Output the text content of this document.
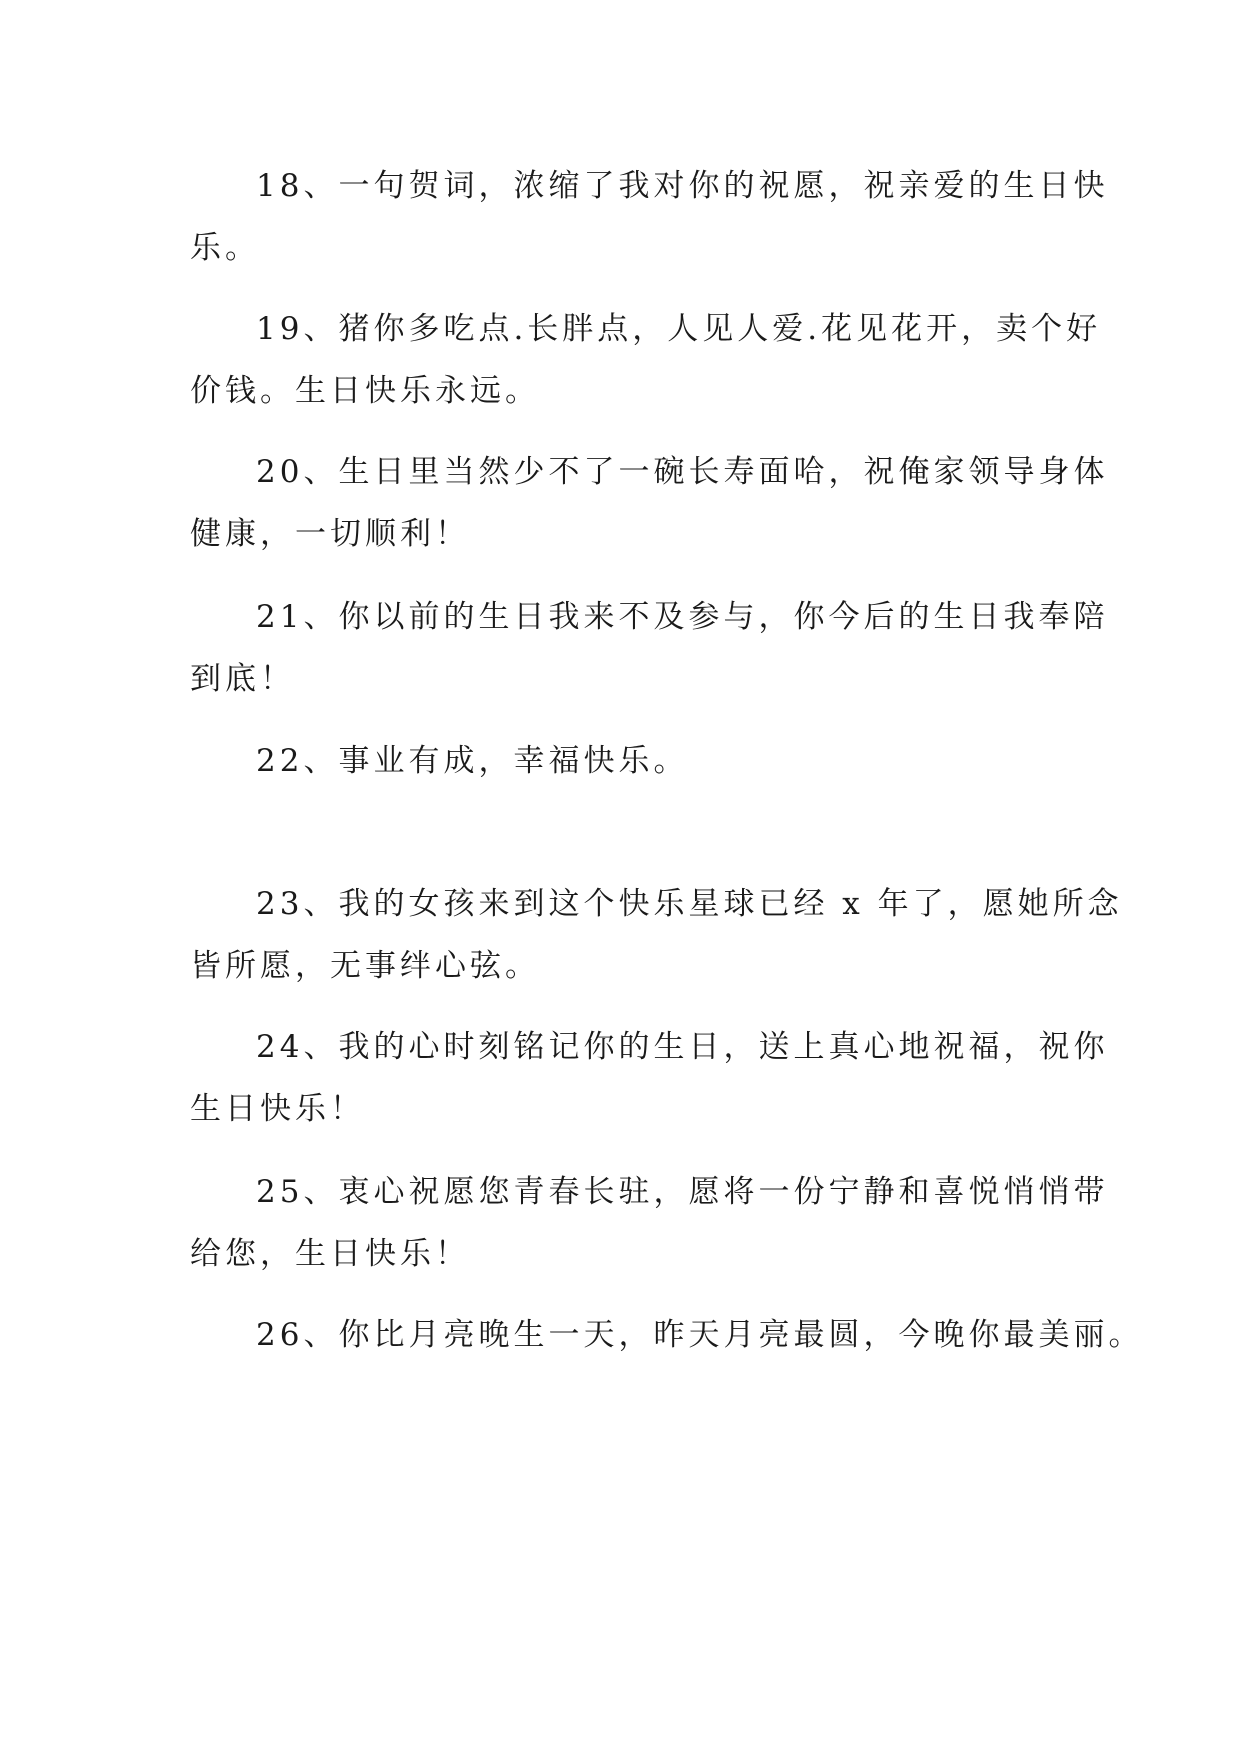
18、一句贺词，浓缩了我对你的祝愿，祝亲爱的生日快
乐。

19、猪你多吃点.长胖点，人见人爱.花见花开，卖个好
价钱。生日快乐永远。

20、生日里当然少不了一碗长寿面哈，祝俺家领导身体
健康，一切顺利！

21、你以前的生日我来不及参与，你今后的生日我奉陪
到底！

22、事业有成，幸福快乐。

23、我的女孩来到这个快乐星球已经 x 年了，愿她所念
皆所愿，无事绊心弦。

24、我的心时刻铭记你的生日，送上真心地祝福，祝你
生日快乐！

25、衷心祝愿您青春长驻，愿将一份宁静和喜悦悄悄带
给您，生日快乐！

26、你比月亮晚生一天，昨天月亮最圆，今晚你最美丽。
